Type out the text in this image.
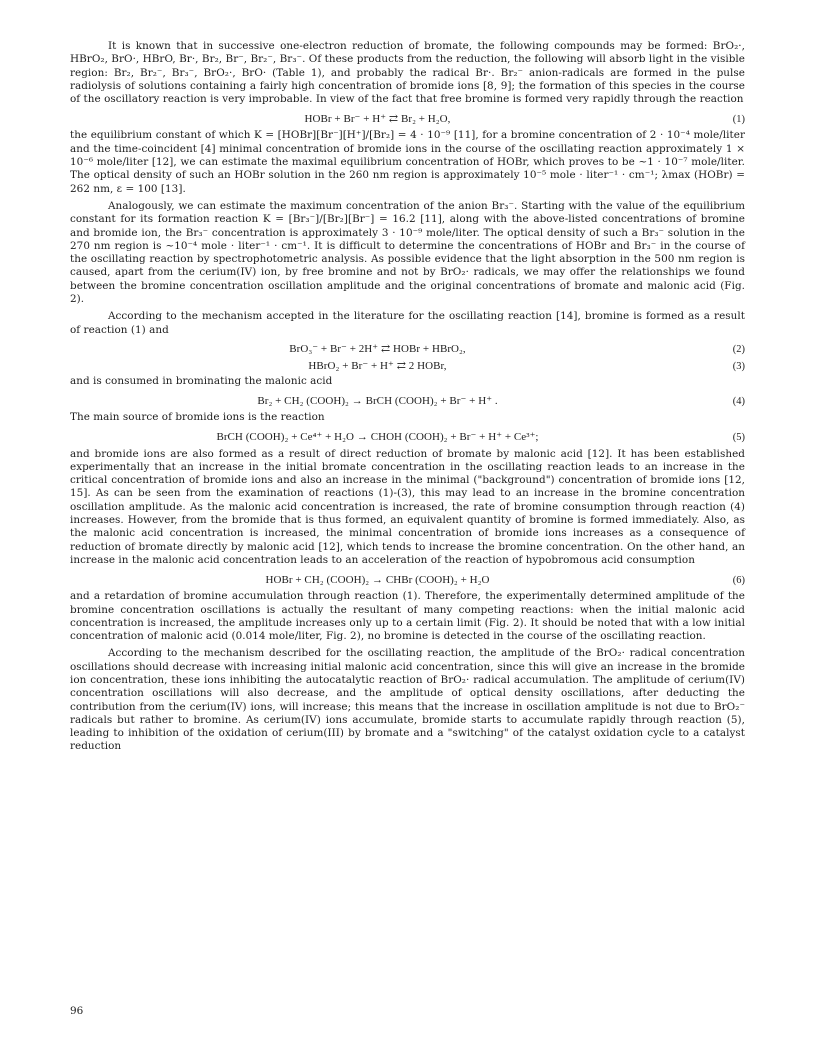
It is known that in successive one-electron reduction of bromate, the following compounds may be formed: BrO₂·, HBrO₂, BrO·, HBrO, Br·, Br₂, Br⁻, Br₂⁻, Br₃⁻. Of these products from the reduction, the following will absorb light in the visible region: Br₂, Br₂⁻, Br₃⁻, BrO₂·, BrO· (Table 1), and probably the radical Br·. Br₂⁻ anion-radicals are formed in the pulse radiolysis of solutions containing a fairly high concentration of bromide ions [8, 9]; the formation of this species in the course of the oscillatory reaction is very improbable. In view of the fact that free bromine is formed very rapidly through the reaction

HOBr + Br⁻ + H⁺ ⇄ Br₂ + H₂O,	(1)

the equilibrium constant of which K = [HOBr][Br⁻][H⁺]/[Br₂] = 4 · 10⁻⁹ [11], for a bromine concentration of 2 · 10⁻⁴ mole/liter and the time-coincident [4] minimal concentration of bromide ions in the course of the oscillating reaction approximately 1 × 10⁻⁶ mole/liter [12], we can estimate the maximal equilibrium concentration of HOBr, which proves to be ~1 · 10⁻⁷ mole/liter. The optical density of such an HOBr solution in the 260 nm region is approximately 10⁻⁵ mole · liter⁻¹ · cm⁻¹; λmax (HOBr) = 262 nm, ε = 100 [13].

Analogously, we can estimate the maximum concentration of the anion Br₃⁻. Starting with the value of the equilibrium constant for its formation reaction K = [Br₃⁻]/[Br₂][Br⁻] = 16.2 [11], along with the above-listed concentrations of bromine and bromide ion, the Br₃⁻ concentration is approximately 3 · 10⁻⁹ mole/liter. The optical density of such a Br₃⁻ solution in the 270 nm region is ~10⁻⁴ mole · liter⁻¹ · cm⁻¹. It is difficult to determine the concentrations of HOBr and Br₃⁻ in the course of the oscillating reaction by spectrophotometric analysis. As possible evidence that the light absorption in the 500 nm region is caused, apart from the cerium(IV) ion, by free bromine and not by BrO₂· radicals, we may offer the relationships we found between the bromine concentration oscillation amplitude and the original concentrations of bromate and malonic acid (Fig. 2).

According to the mechanism accepted in the literature for the oscillating reaction [14], bromine is formed as a result of reaction (1) and

BrO₃⁻ + Br⁻ + 2H⁺ ⇄ HOBr + HBrO₂,	(2)
HBrO₂ + Br⁻ + H⁺ ⇄ 2 HOBr,	(3)

and is consumed in brominating the malonic acid

Br₂ + CH₂ (COOH)₂ → BrCH (COOH)₂ + Br⁻ + H⁺ .	(4)

The main source of bromide ions is the reaction

BrCH (COOH)₂ + Ce⁴⁺ + H₂O → CHOH (COOH)₂ + Br⁻ + H⁺ + Ce³⁺;	(5)

and bromide ions are also formed as a result of direct reduction of bromate by malonic acid [12]. It has been established experimentally that an increase in the initial bromate concentration in the oscillating reaction leads to an increase in the critical concentration of bromide ions and also an increase in the minimal ("background") concentration of bromide ions [12, 15]. As can be seen from the examination of reactions (1)-(3), this may lead to an increase in the bromine concentration oscillation amplitude. As the malonic acid concentration is increased, the rate of bromine consumption through reaction (4) increases. However, from the bromide that is thus formed, an equivalent quantity of bromine is formed immediately. Also, as the malonic acid concentration is increased, the minimal concentration of bromide ions increases as a consequence of reduction of bromate directly by malonic acid [12], which tends to increase the bromine concentration. On the other hand, an increase in the malonic acid concentration leads to an acceleration of the reaction of hypobromous acid consumption

HOBr + CH₂ (COOH)₂ → CHBr (COOH)₂ + H₂O	(6)

and a retardation of bromine accumulation through reaction (1). Therefore, the experimentally determined amplitude of the bromine concentration oscillations is actually the resultant of many competing reactions: when the initial malonic acid concentration is increased, the amplitude increases only up to a certain limit (Fig. 2). It should be noted that with a low initial concentration of malonic acid (0.014 mole/liter, Fig. 2), no bromine is detected in the course of the oscillating reaction.

According to the mechanism described for the oscillating reaction, the amplitude of the BrO₂· radical concentration oscillations should decrease with increasing initial malonic acid concentration, since this will give an increase in the bromide ion concentration, these ions inhibiting the autocatalytic reaction of BrO₂· radical accumulation. The amplitude of cerium(IV) concentration oscillations will also decrease, and the amplitude of optical density oscillations, after deducting the contribution from the cerium(IV) ions, will increase; this means that the increase in oscillation amplitude is not due to BrO₂⁻ radicals but rather to bromine. As cerium(IV) ions accumulate, bromide starts to accumulate rapidly through reaction (5), leading to inhibition of the oxidation of cerium(III) by bromate and a "switching" of the catalyst oxidation cycle to a catalyst reduction

96
